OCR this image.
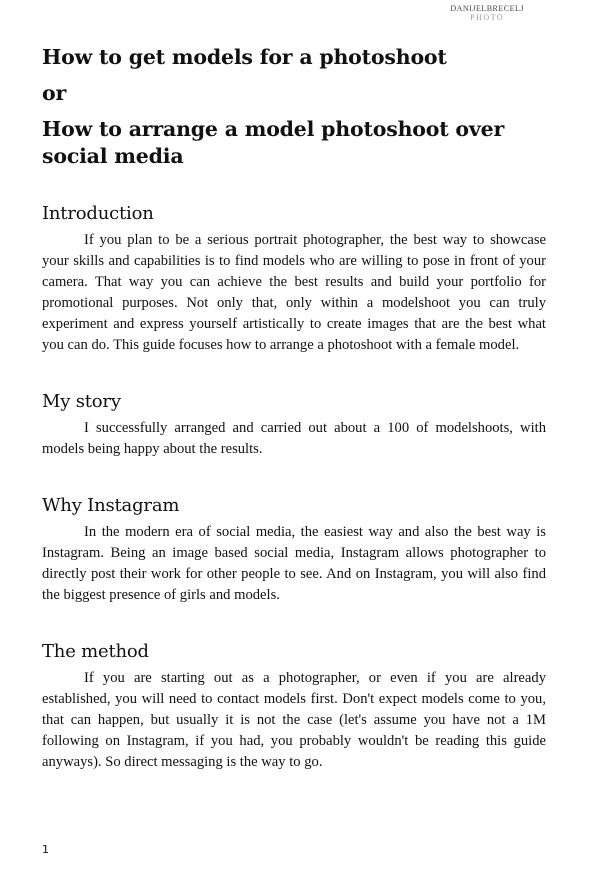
DANIJELBRECELJ
PHOTO
How to get models for a photoshoot
or
How to arrange a model photoshoot over
social media
Introduction

If you plan to be a serious portrait photographer, the best way to showcase your skills and capabilities is to find models who are willing to pose in front of your camera. That way you can achieve the best results and build your portfolio for promotional purposes. Not only that, only within a modelshoot you can truly experiment and express yourself artistically to create images that are the best what you can do. This guide focuses how to arrange a photoshoot with a female model.

My story

I successfully arranged and carried out about a 100 of modelshoots, with models being happy about the results.

Why Instagram

In the modern era of social media, the easiest way and also the best way is Instagram. Being an image based social media, Instagram allows photographer to directly post their work for other people to see. And on Instagram, you will also find the biggest presence of girls and models.

The method

If you are starting out as a photographer, or even if you are already established, you will need to contact models first. Don't expect models come to you, that can happen, but usually it is not the case (let's assume you have not a 1M following on Instagram, if you had, you probably wouldn't be reading this guide anyways). So direct messaging is the way to go.

1
